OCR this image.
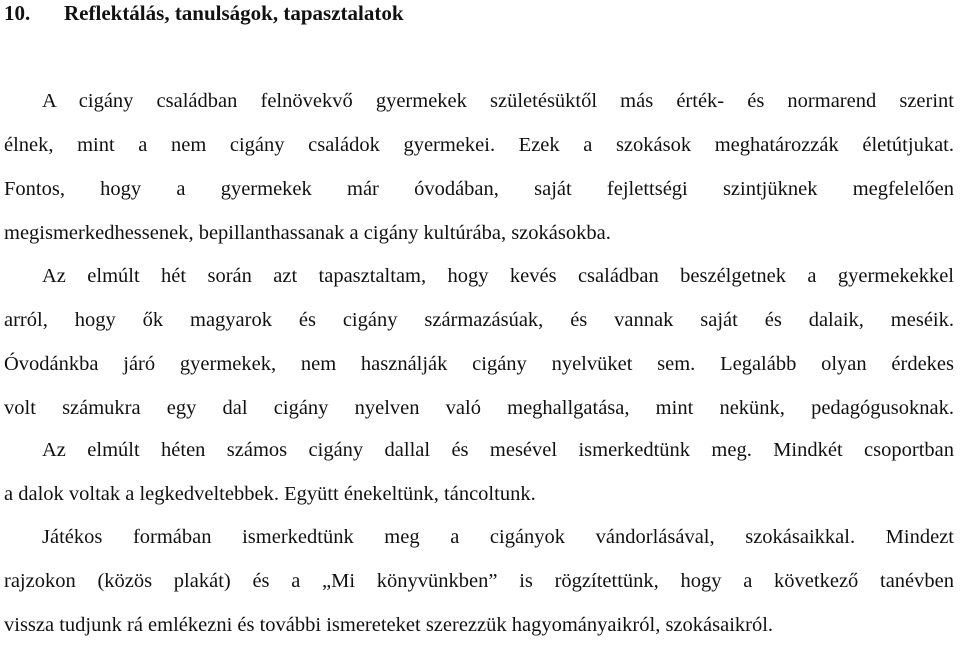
10. Reflektálás, tanulságok, tapasztalatok
A cigány családban felnövekvő gyermekek születésüktől más érték- és normarend szerint
élnek, mint a nem cigány családok gyermekei. Ezek a szokások meghatározzák életútjukat.
Fontos, hogy a gyermekek már óvodában, saját fejlettségi szintjüknek megfelelően
megismerkedhessenek, bepillanthassanak a cigány kultúrába, szokásokba.
Az elmúlt hét során azt tapasztaltam, hogy kevés családban beszélgetnek a gyermekekkel
arról, hogy ők magyarok és cigány származásúak, és vannak saját és dalaik, meséik.
Óvodánkba járó gyermekek, nem használják cigány nyelvüket sem. Legalább olyan érdekes
volt számukra egy dal cigány nyelven való meghallgatása, mint nekünk, pedagógusoknak.
Az elmúlt héten számos cigány dallal és mesével ismerkedtünk meg. Mindkét csoportban
a dalok voltak a legkedveltebbek. Együtt énekeltünk, táncoltunk.
Játékos formában ismerkedtünk meg a cigányok vándorlásával, szokásaikkal. Mindezt
rajzokon (közös plakát) és a „Mi könyvünkben” is rögzítettünk, hogy a következő tanévben
vissza tudjunk rá emlékezni és további ismereteket szerezzük hagyományaikról, szokásaikról.
